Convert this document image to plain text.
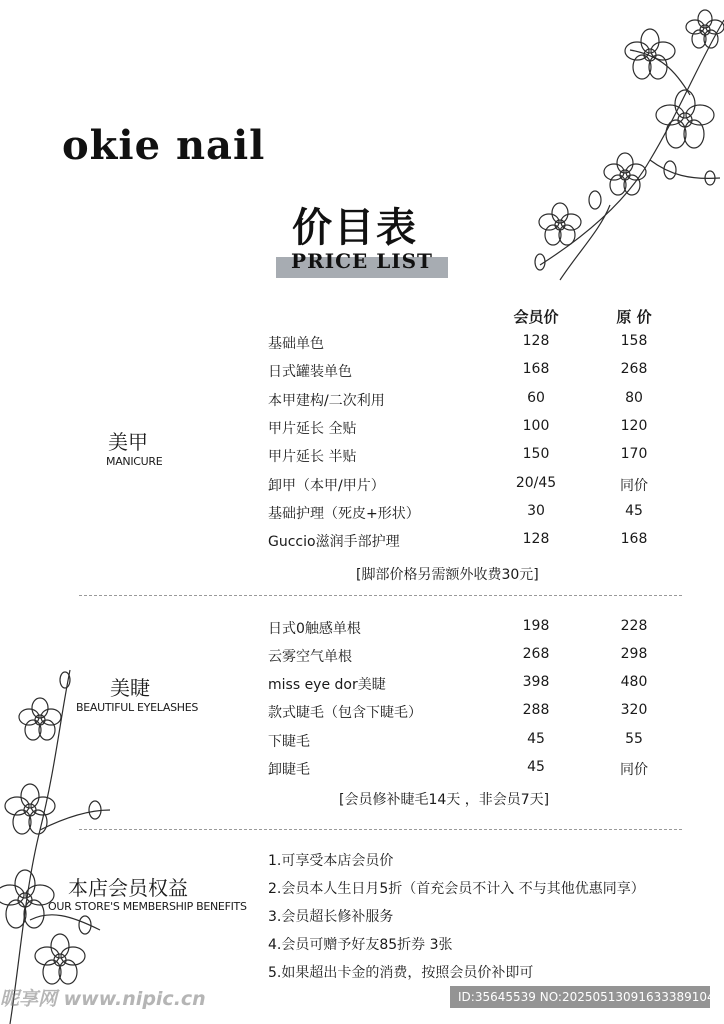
okie nail
价目表
PRICE LIST
会员价	原 价
美甲
MANICURE
基础单色	128	158
日式罐装单色	168	268
本甲建构/二次利用	60	80
甲片延长 全贴	100	120
甲片延长 半贴	150	170
卸甲（本甲/甲片）	20/45	同价
基础护理（死皮+形状）	30	45
Guccio滋润手部护理	128	168
[脚部价格另需额外收费30元]
美睫
BEAUTIFUL EYELASHES
日式0触感单根	198	228
云雾空气单根	268	298
miss eye dor美睫	398	480
款式睫毛（包含下睫毛）	288	320
下睫毛	45	55
卸睫毛	45	同价
[会员修补睫毛14天 ，非会员7天]
本店会员权益
OUR STORE'S MEMBERSHIP BENEFITS
1.可享受本店会员价
2.会员本人生日月5折（首充会员不计入 不与其他优惠同享）
3.会员超长修补服务
4.会员可赠予好友85折券 3张
5.如果超出卡金的消费，按照会员价补即可
昵享网 www.nipic.cn	ID:35645539 NO:20250513091633389104
